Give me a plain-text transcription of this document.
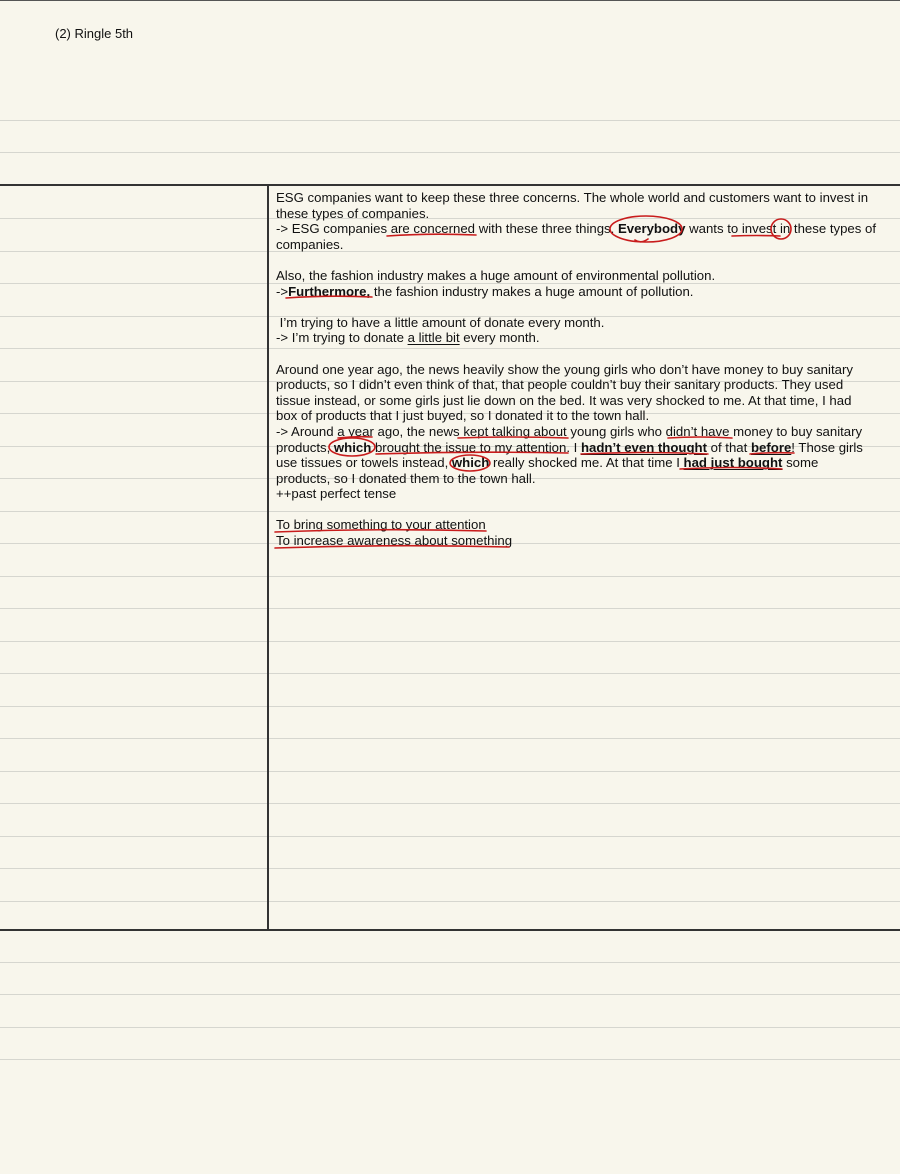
(2) Ringle 5th

ESG companies want to keep these three concerns. The whole world and customers want to invest in these types of companies.

-> ESG companies are concerned with these three things. Everybody wants to invest in these types of companies.

Also, the fashion industry makes a huge amount of environmental pollution.

->Furthermore, the fashion industry makes a huge amount of pollution.

I’m trying to have a little amount of donate every month.

-> I’m trying to donate a little bit every month.

Around one year ago, the news heavily show the young girls who don’t have money to buy sanitary products, so I didn’t even think of that, that people couldn’t buy their sanitary products. They used tissue instead, or some girls just lie down on the bed. It was very shocked to me. At that time, I had box of products that I just buyed, so I donated it to the town hall.

-> Around a year ago, the news kept talking about young girls who didn’t have money to buy sanitary products, which brought the issue to my attention. I hadn’t even thought of that before! Those girls use tissues or towels instead, which really shocked me. At that time I had just bought some products, so I donated them to the town hall.

++past perfect tense

To bring something to your attention

To increase awareness about something
